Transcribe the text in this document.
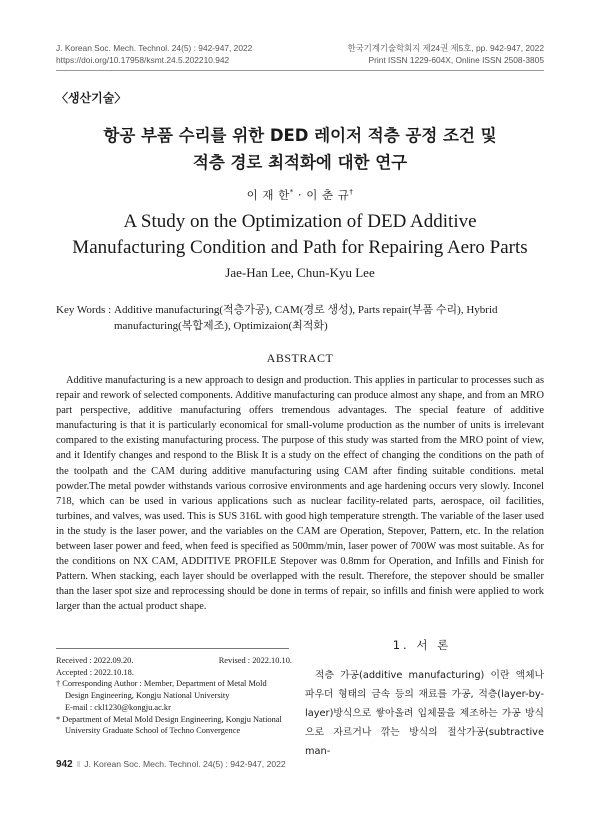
J. Korean Soc. Mech. Technol. 24(5) : 942-947, 2022
https://doi.org/10.17958/ksmt.24.5.202210.942
한국기계기술학회지 제24권 제5호, pp. 942-947, 2022
Print ISSN 1229-604X, Online ISSN 2508-3805
〈생산기술〉
항공 부품 수리를 위한 DED 레이저 적층 공정 조건 및
적층 경로 최적화에 대한 연구
이 재 한* · 이 춘 규†
A Study on the Optimization of DED Additive
Manufacturing Condition and Path for Repairing Aero Parts
Jae-Han Lee, Chun-Kyu Lee
Key Words : Additive manufacturing(적층가공), CAM(경로 생성), Parts repair(부품 수리), Hybrid manufacturing(복합제조), Optimizaion(최적화)
ABSTRACT
Additive manufacturing is a new approach to design and production. This applies in particular to processes such as repair and rework of selected components. Additive manufacturing can produce almost any shape, and from an MRO part perspective, additive manufacturing offers tremendous advantages. The special feature of additive manufacturing is that it is particularly economical for small-volume production as the number of units is irrelevant compared to the existing manufacturing process. The purpose of this study was started from the MRO point of view, and it Identify changes and respond to the Blisk It is a study on the effect of changing the conditions on the path of the toolpath and the CAM during additive manufacturing using CAM after finding suitable conditions. metal powder.The metal powder withstands various corrosive environments and age hardening occurs very slowly. Inconel 718, which can be used in various applications such as nuclear facility-related parts, aerospace, oil facilities, turbines, and valves, was used. This is SUS 316L with good high temperature strength. The variable of the laser used in the study is the laser power, and the variables on the CAM are Operation, Stepover, Pattern, etc. In the relation between laser power and feed, when feed is specified as 500mm/min, laser power of 700W was most suitable. As for the conditions on NX CAM, ADDITIVE PROFILE Stepover was 0.8mm for Operation, and Infills and Finish for Pattern. When stacking, each layer should be overlapped with the result. Therefore, the stepover should be smaller than the laser spot size and reprocessing should be done in terms of repair, so infills and finish were applied to work larger than the actual product shape.
Received : 2022.09.20.	Revised : 2022.10.10.
Accepted : 2022.10.18.
† Corresponding Author : Member, Department of Metal Mold
Design Engineering, Kongju National University
E-mail : ckl1230@kongju.ac.kr
* Department of Metal Mold Design Engineering, Kongju National
University Graduate School of Techno Convergence
1. 서 론
적층 가공(additive manufacturing) 이란 액체나 파우더 형태의 금속 등의 재료를 가공, 적층(layer-by-layer)방식으로 쌓아올려 입체물을 제조하는 가공 방식으로 자르거나 깎는 방식의 절삭가공(subtractive man-
942 ‖ J. Korean Soc. Mech. Technol. 24(5) : 942-947, 2022
